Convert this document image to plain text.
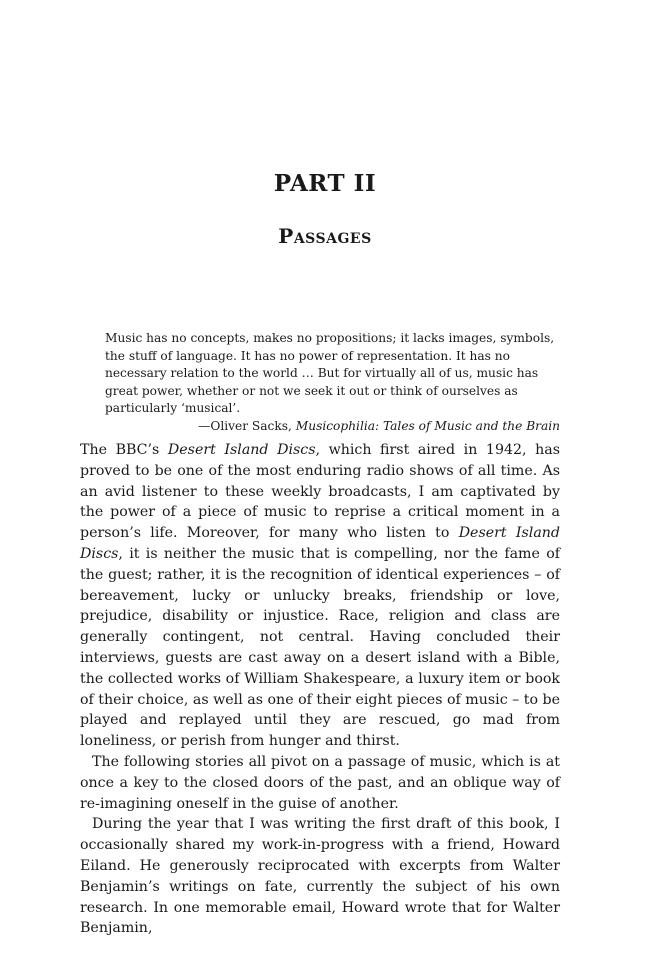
PART II
Passages

Music has no concepts, makes no propositions; it lacks images, symbols, the stuff of language. It has no power of representation. It has no necessary relation to the world … But for virtually all of us, music has great power, whether or not we seek it out or think of ourselves as particularly ‘musical’.

—Oliver Sacks, Musicophilia: Tales of Music and the Brain

The BBC’s Desert Island Discs, which first aired in 1942, has proved to be one of the most enduring radio shows of all time. As an avid listener to these weekly broadcasts, I am captivated by the power of a piece of music to reprise a critical moment in a person’s life. Moreover, for many who listen to Desert Island Discs, it is neither the music that is compelling, nor the fame of the guest; rather, it is the recognition of identical experiences – of bereavement, lucky or unlucky breaks, friendship or love, prejudice, disability or injustice. Race, religion and class are generally contingent, not central. Having concluded their interviews, guests are cast away on a desert island with a Bible, the collected works of William Shakespeare, a luxury item or book of their choice, as well as one of their eight pieces of music – to be played and replayed until they are rescued, go mad from loneliness, or perish from hunger and thirst.

The following stories all pivot on a passage of music, which is at once a key to the closed doors of the past, and an oblique way of re-imagining oneself in the guise of another.

During the year that I was writing the first draft of this book, I occasionally shared my work-in-progress with a friend, Howard Eiland. He generously reciprocated with excerpts from Walter Benjamin’s writings on fate, currently the subject of his own research. In one memorable email, Howard wrote that for Walter Benjamin,
